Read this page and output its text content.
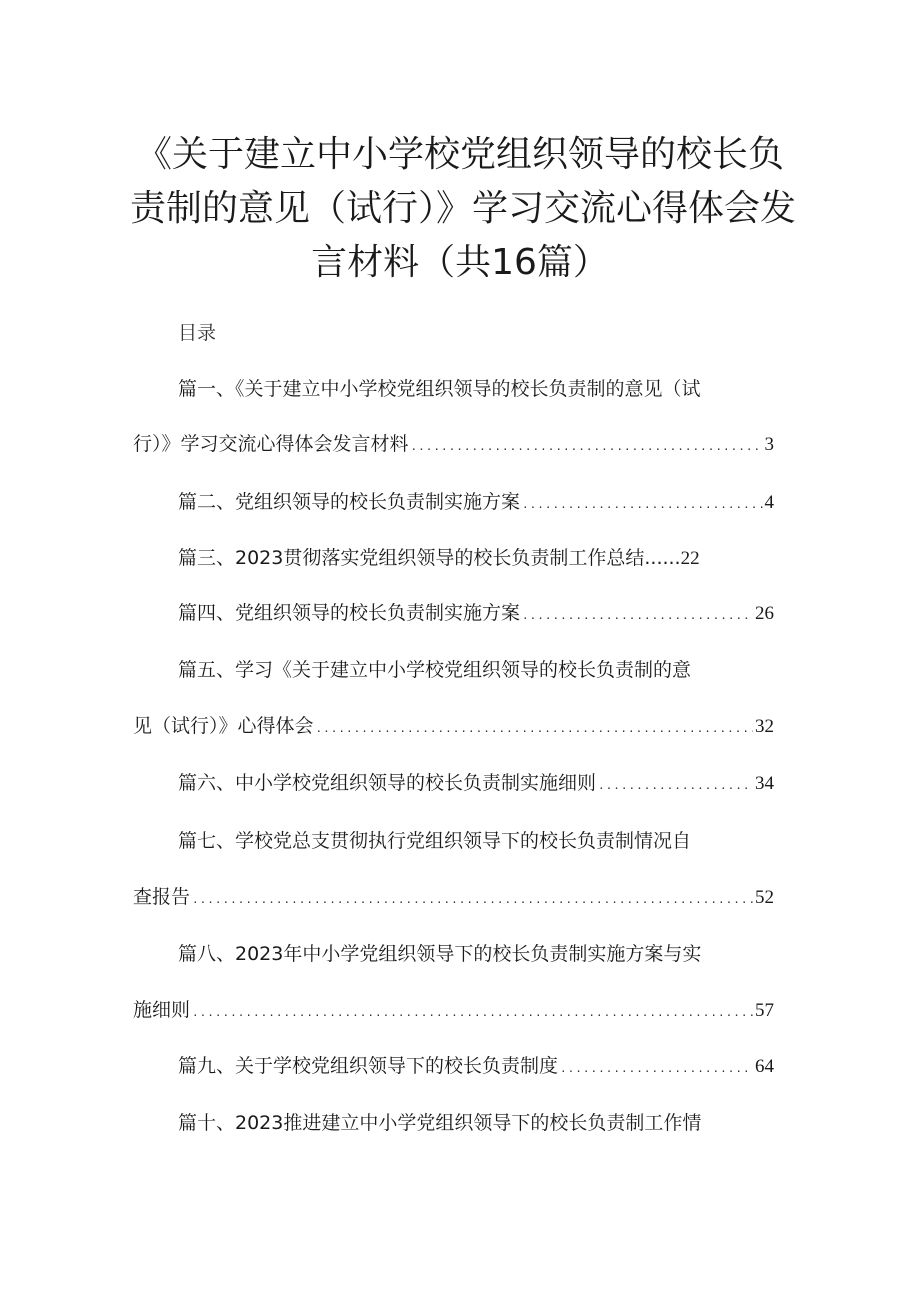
《关于建立中小学校党组织领导的校长负
责制的意见（试行）》学习交流心得体会发
言材料（共16篇）
目录
篇一、《关于建立中小学校党组织领导的校长负责制的意见（试
行）》学习交流心得体会发言材料 .....	3
篇二、党组织领导的校长负责制实施方案 .....	4
篇三、2023贯彻落实党组织领导的校长负责制工作总结......22
篇四、党组织领导的校长负责制实施方案 .....	26
篇五、学习《关于建立中小学校党组织领导的校长负责制的意
见（试行）》心得体会 .....	32
篇六、中小学校党组织领导的校长负责制实施细则 .....	34
篇七、学校党总支贯彻执行党组织领导下的校长负责制情况自
查报告 .....	52
篇八、2023年中小学党组织领导下的校长负责制实施方案与实
施细则 .....	57
篇九、关于学校党组织领导下的校长负责制度 .....	64
篇十、2023推进建立中小学党组织领导下的校长负责制工作情
